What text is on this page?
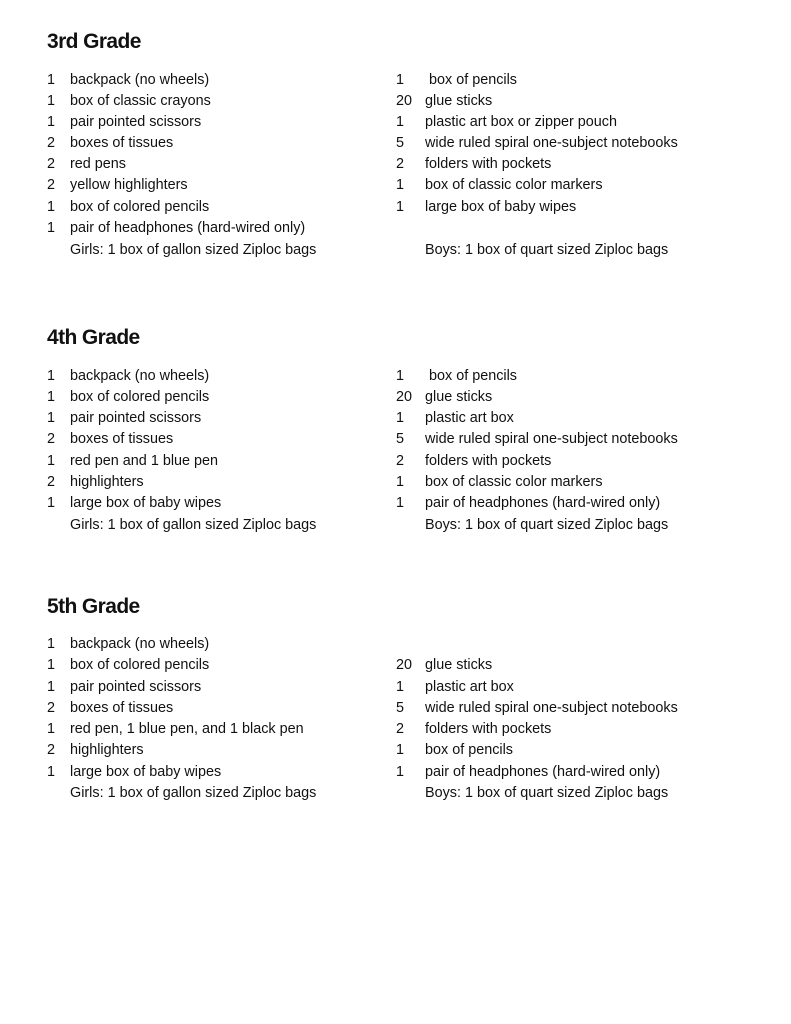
3rd Grade
1 backpack (no wheels)
1 box of classic crayons
1 pair pointed scissors
2 boxes of tissues
2 red pens
2 yellow highlighters
1 box of colored pencils
1 pair of headphones (hard-wired only)
Girls: 1 box of gallon sized Ziploc bags
1 box of pencils
20 glue sticks
1 plastic art box or zipper pouch
5 wide ruled spiral one-subject notebooks
2 folders with pockets
1 box of classic color markers
1 large box of baby wipes
Boys: 1 box of quart sized Ziploc bags
4th Grade
1 backpack (no wheels)
1 box of colored pencils
1 pair pointed scissors
2 boxes of tissues
1 red pen and 1 blue pen
2 highlighters
1 large box of baby wipes
Girls: 1 box of gallon sized Ziploc bags
1 box of pencils
20 glue sticks
1 plastic art box
5 wide ruled spiral one-subject notebooks
2 folders with pockets
1 box of classic color markers
1 pair of headphones (hard-wired only)
Boys: 1 box of quart sized Ziploc bags
5th Grade
1 backpack (no wheels)
1 box of colored pencils
1 pair pointed scissors
2 boxes of tissues
1 red pen, 1 blue pen, and 1 black pen
2 highlighters
1 large box of baby wipes
Girls: 1 box of gallon sized Ziploc bags
20 glue sticks
1 plastic art box
5 wide ruled spiral one-subject notebooks
2 folders with pockets
1 box of pencils
1 pair of headphones (hard-wired only)
Boys: 1 box of quart sized Ziploc bags
